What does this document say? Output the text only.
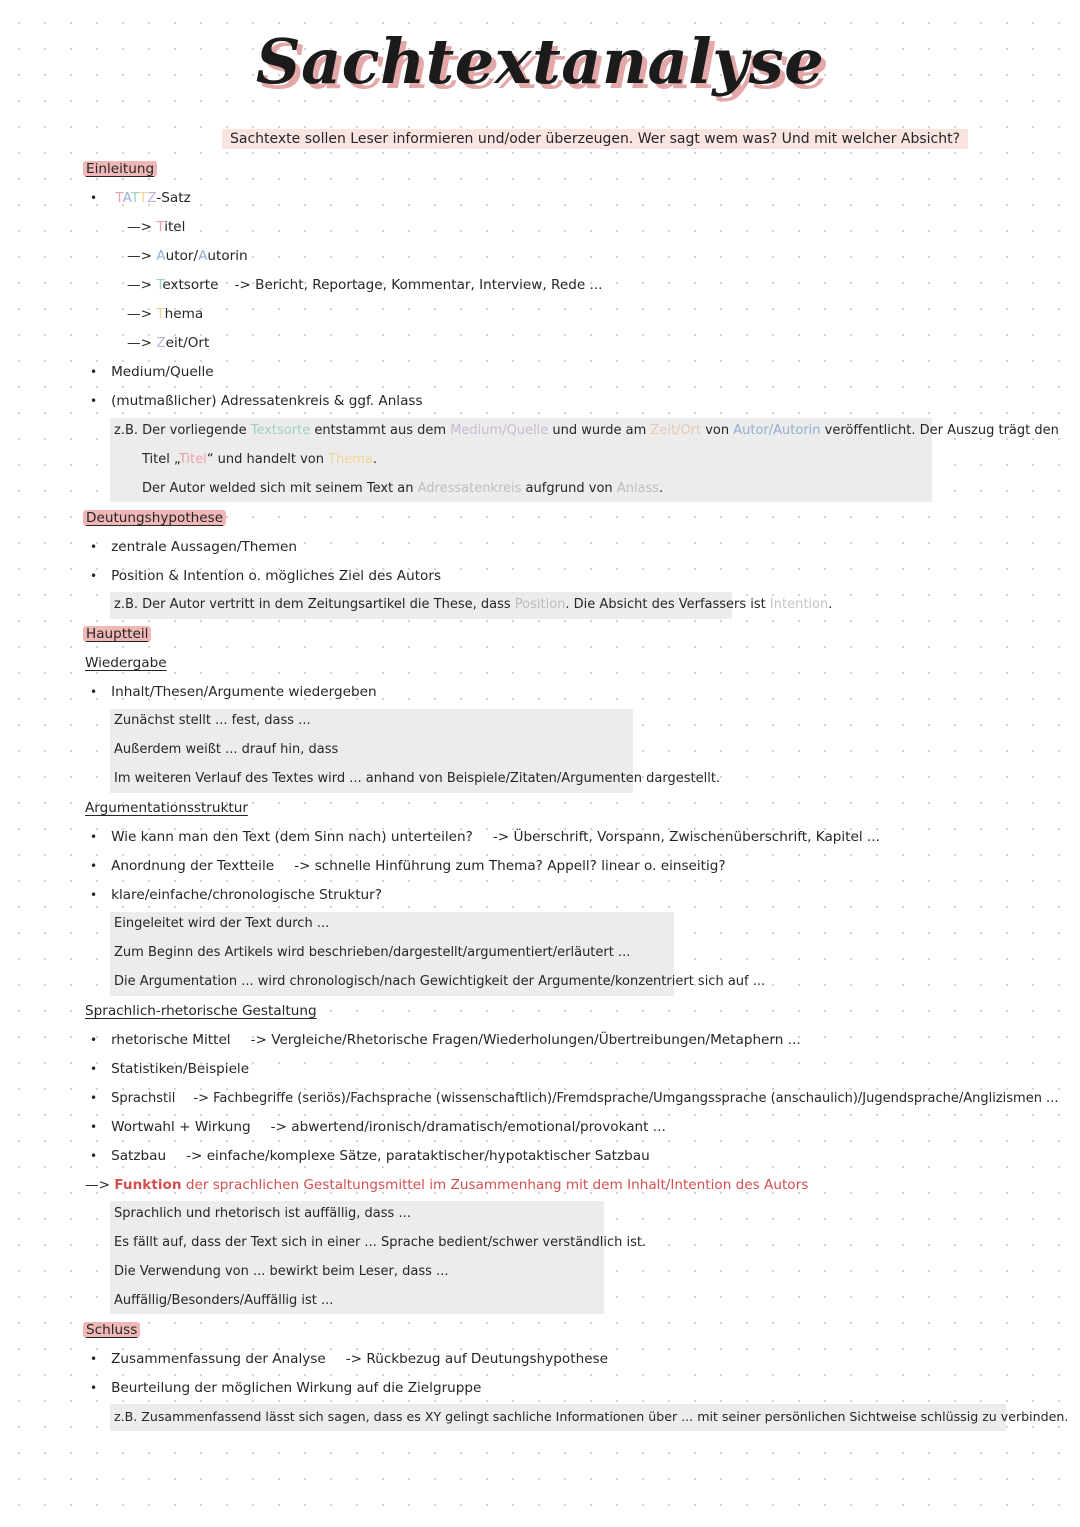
Sachtextanalyse
Sachtexte sollen Leser informieren und/oder überzeugen. Wer sagt wem was? Und mit welcher Absicht?
Einleitung
• TATTZ-Satz
—> Titel
—> Autor/Autorin
—> Textsorte -> Bericht, Reportage, Kommentar, Interview, Rede ...
—> Thema
—> Zeit/Ort
• Medium/Quelle
• (mutmaßlicher) Adressatenkreis & ggf. Anlass
z.B. Der vorliegende Textsorte entstammt aus dem Medium/Quelle und wurde am Zeit/Ort von Autor/Autorin veröffentlicht. Der Auszug trägt den
Titel „Titel“ und handelt von Thema.
Der Autor welded sich mit seinem Text an Adressatenkreis aufgrund von Anlass.
Deutungshypothese
• zentrale Aussagen/Themen
• Position & Intention o. mögliches Ziel des Autors
z.B. Der Autor vertritt in dem Zeitungsartikel die These, dass Position. Die Absicht des Verfassers ist Intention.
Hauptteil
Wiedergabe
• Inhalt/Thesen/Argumente wiedergeben
Zunächst stellt ... fest, dass ...
Außerdem weißt ... drauf hin, dass
Im weiteren Verlauf des Textes wird ... anhand von Beispiele/Zitaten/Argumenten dargestellt.
Argumentationsstruktur
• Wie kann man den Text (dem Sinn nach) unterteilen? -> Überschrift, Vorspann, Zwischenüberschrift, Kapitel ...
• Anordnung der Textteile -> schnelle Hinführung zum Thema? Appell? linear o. einseitig?
• klare/einfache/chronologische Struktur?
Eingeleitet wird der Text durch ...
Zum Beginn des Artikels wird beschrieben/dargestellt/argumentiert/erläutert ...
Die Argumentation ... wird chronologisch/nach Gewichtigkeit der Argumente/konzentriert sich auf ...
Sprachlich-rhetorische Gestaltung
• rhetorische Mittel -> Vergleiche/Rhetorische Fragen/Wiederholungen/Übertreibungen/Metaphern ...
• Statistiken/Beispiele
• Sprachstil -> Fachbegriffe (seriös)/Fachsprache (wissenschaftlich)/Fremdsprache/Umgangssprache (anschaulich)/Jugendsprache/Anglizismen ...
• Wortwahl + Wirkung -> abwertend/ironisch/dramatisch/emotional/provokant ...
• Satzbau -> einfache/komplexe Sätze, parataktischer/hypotaktischer Satzbau
—> Funktion der sprachlichen Gestaltungsmittel im Zusammenhang mit dem Inhalt/Intention des Autors
Sprachlich und rhetorisch ist auffällig, dass ...
Es fällt auf, dass der Text sich in einer ... Sprache bedient/schwer verständlich ist.
Die Verwendung von ... bewirkt beim Leser, dass ...
Auffällig/Besonders/Auffällig ist ...
Schluss
• Zusammenfassung der Analyse -> Rückbezug auf Deutungshypothese
• Beurteilung der möglichen Wirkung auf die Zielgruppe
z.B. Zusammenfassend lässt sich sagen, dass es XY gelingt sachliche Informationen über ... mit seiner persönlichen Sichtweise schlüssig zu verbinden.
